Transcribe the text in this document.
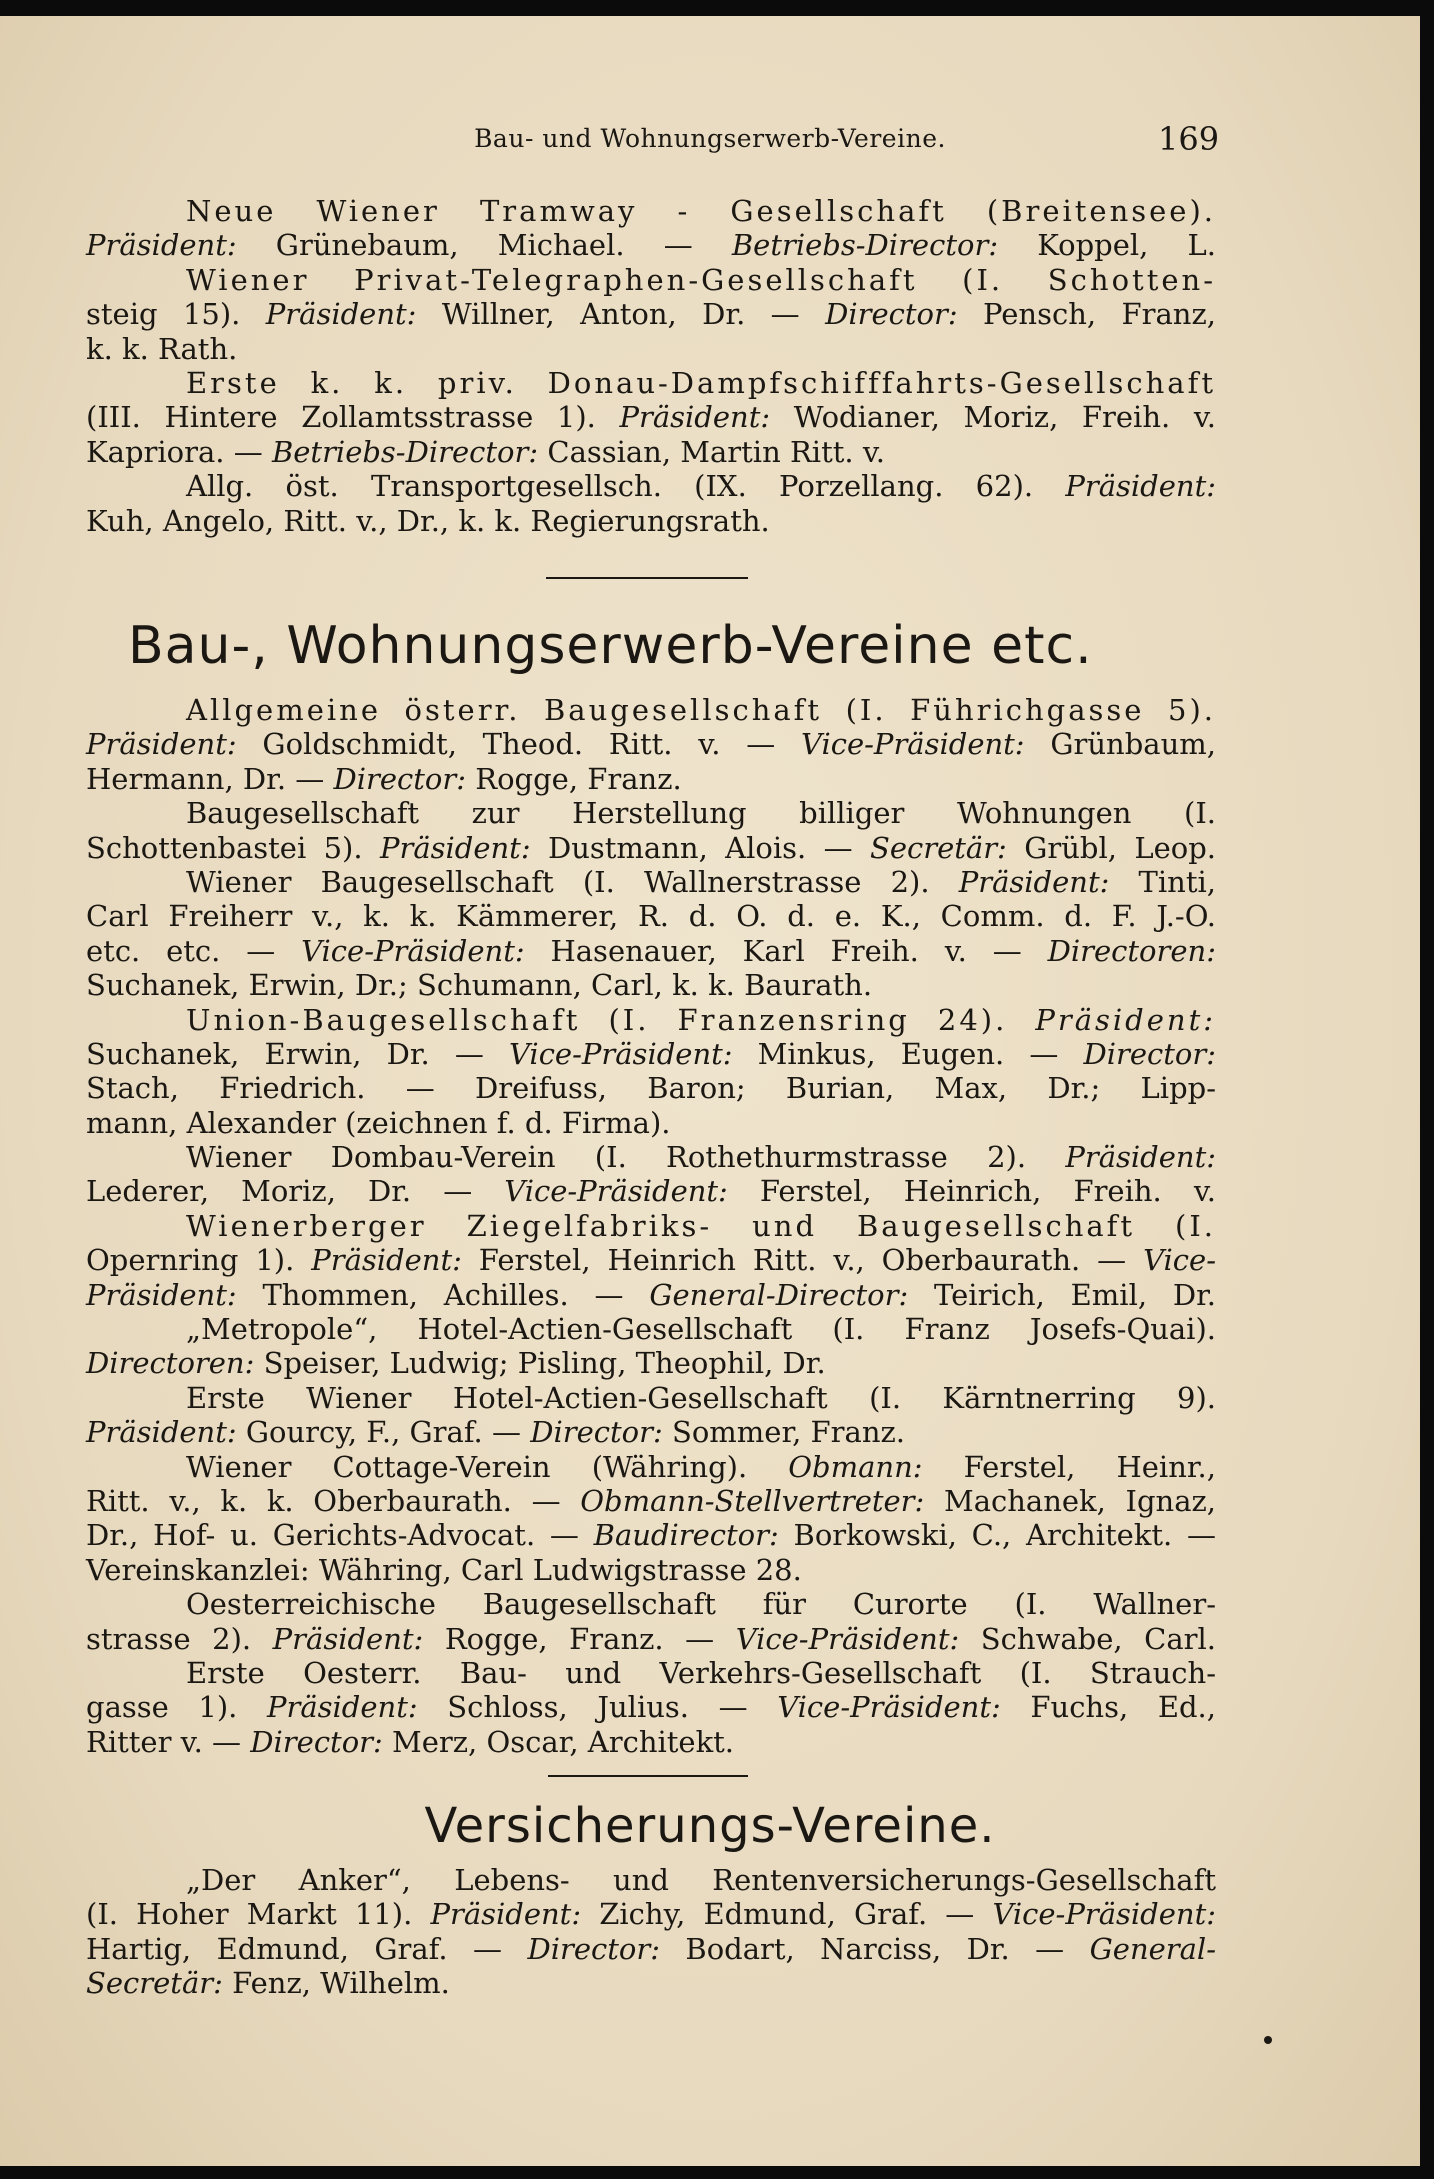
Bau- und Wohnungserwerb-Vereine.	169
Neue Wiener Tramway - Gesellschaft (Breitensee).
Präsident: Grünebaum, Michael. — Betriebs-Director: Koppel, L.
Wiener Privat-Telegraphen-Gesellschaft (I. Schotten-
steig 15). Präsident: Willner, Anton, Dr. — Director: Pensch, Franz,
k. k. Rath.
Erste k. k. priv. Donau-Dampfschifffahrts-Gesellschaft
(III. Hintere Zollamtsstrasse 1). Präsident: Wodianer, Moriz, Freih. v.
Kapriora. — Betriebs-Director: Cassian, Martin Ritt. v.
Allg. öst. Transportgesellsch. (IX. Porzellang. 62). Präsident:
Kuh, Angelo, Ritt. v., Dr., k. k. Regierungsrath.
Bau-, Wohnungserwerb-Vereine etc.
Allgemeine österr. Baugesellschaft (I. Führichgasse 5).
Präsident: Goldschmidt, Theod. Ritt. v. — Vice-Präsident: Grünbaum,
Hermann, Dr. — Director: Rogge, Franz.
Baugesellschaft zur Herstellung billiger Wohnungen (I.
Schottenbastei 5). Präsident: Dustmann, Alois. — Secretär: Grübl, Leop.
Wiener Baugesellschaft (I. Wallnerstrasse 2). Präsident: Tinti,
Carl Freiherr v., k. k. Kämmerer, R. d. O. d. e. K., Comm. d. F. J.-O.
etc. etc. — Vice-Präsident: Hasenauer, Karl Freih. v. — Directoren:
Suchanek, Erwin, Dr.; Schumann, Carl, k. k. Baurath.
Union-Baugesellschaft (I. Franzensring 24). Präsident:
Suchanek, Erwin, Dr. — Vice-Präsident: Minkus, Eugen. — Director:
Stach, Friedrich. — Dreifuss, Baron; Burian, Max, Dr.; Lipp-
mann, Alexander (zeichnen f. d. Firma).
Wiener Dombau-Verein (I. Rothethurmstrasse 2). Präsident:
Lederer, Moriz, Dr. — Vice-Präsident: Ferstel, Heinrich, Freih. v.
Wienerberger Ziegelfabriks- und Baugesellschaft (I.
Opernring 1). Präsident: Ferstel, Heinrich Ritt. v., Oberbaurath. — Vice-
Präsident: Thommen, Achilles. — General-Director: Teirich, Emil, Dr.
„Metropole“, Hotel-Actien-Gesellschaft (I. Franz Josefs-Quai).
Directoren: Speiser, Ludwig; Pisling, Theophil, Dr.
Erste Wiener Hotel-Actien-Gesellschaft (I. Kärntnerring 9).
Präsident: Gourcy, F., Graf. — Director: Sommer, Franz.
Wiener Cottage-Verein (Währing). Obmann: Ferstel, Heinr.,
Ritt. v., k. k. Oberbaurath. — Obmann-Stellvertreter: Machanek, Ignaz,
Dr., Hof- u. Gerichts-Advocat. — Baudirector: Borkowski, C., Architekt. —
Vereinskanzlei: Währing, Carl Ludwigstrasse 28.
Oesterreichische Baugesellschaft für Curorte (I. Wallner-
strasse 2). Präsident: Rogge, Franz. — Vice-Präsident: Schwabe, Carl.
Erste Oesterr. Bau- und Verkehrs-Gesellschaft (I. Strauch-
gasse 1). Präsident: Schloss, Julius. — Vice-Präsident: Fuchs, Ed.,
Ritter v. — Director: Merz, Oscar, Architekt.
Versicherungs-Vereine.
„Der Anker“, Lebens- und Rentenversicherungs-Gesellschaft
(I. Hoher Markt 11). Präsident: Zichy, Edmund, Graf. — Vice-Präsident:
Hartig, Edmund, Graf. — Director: Bodart, Narciss, Dr. — General-
Secretär: Fenz, Wilhelm.
